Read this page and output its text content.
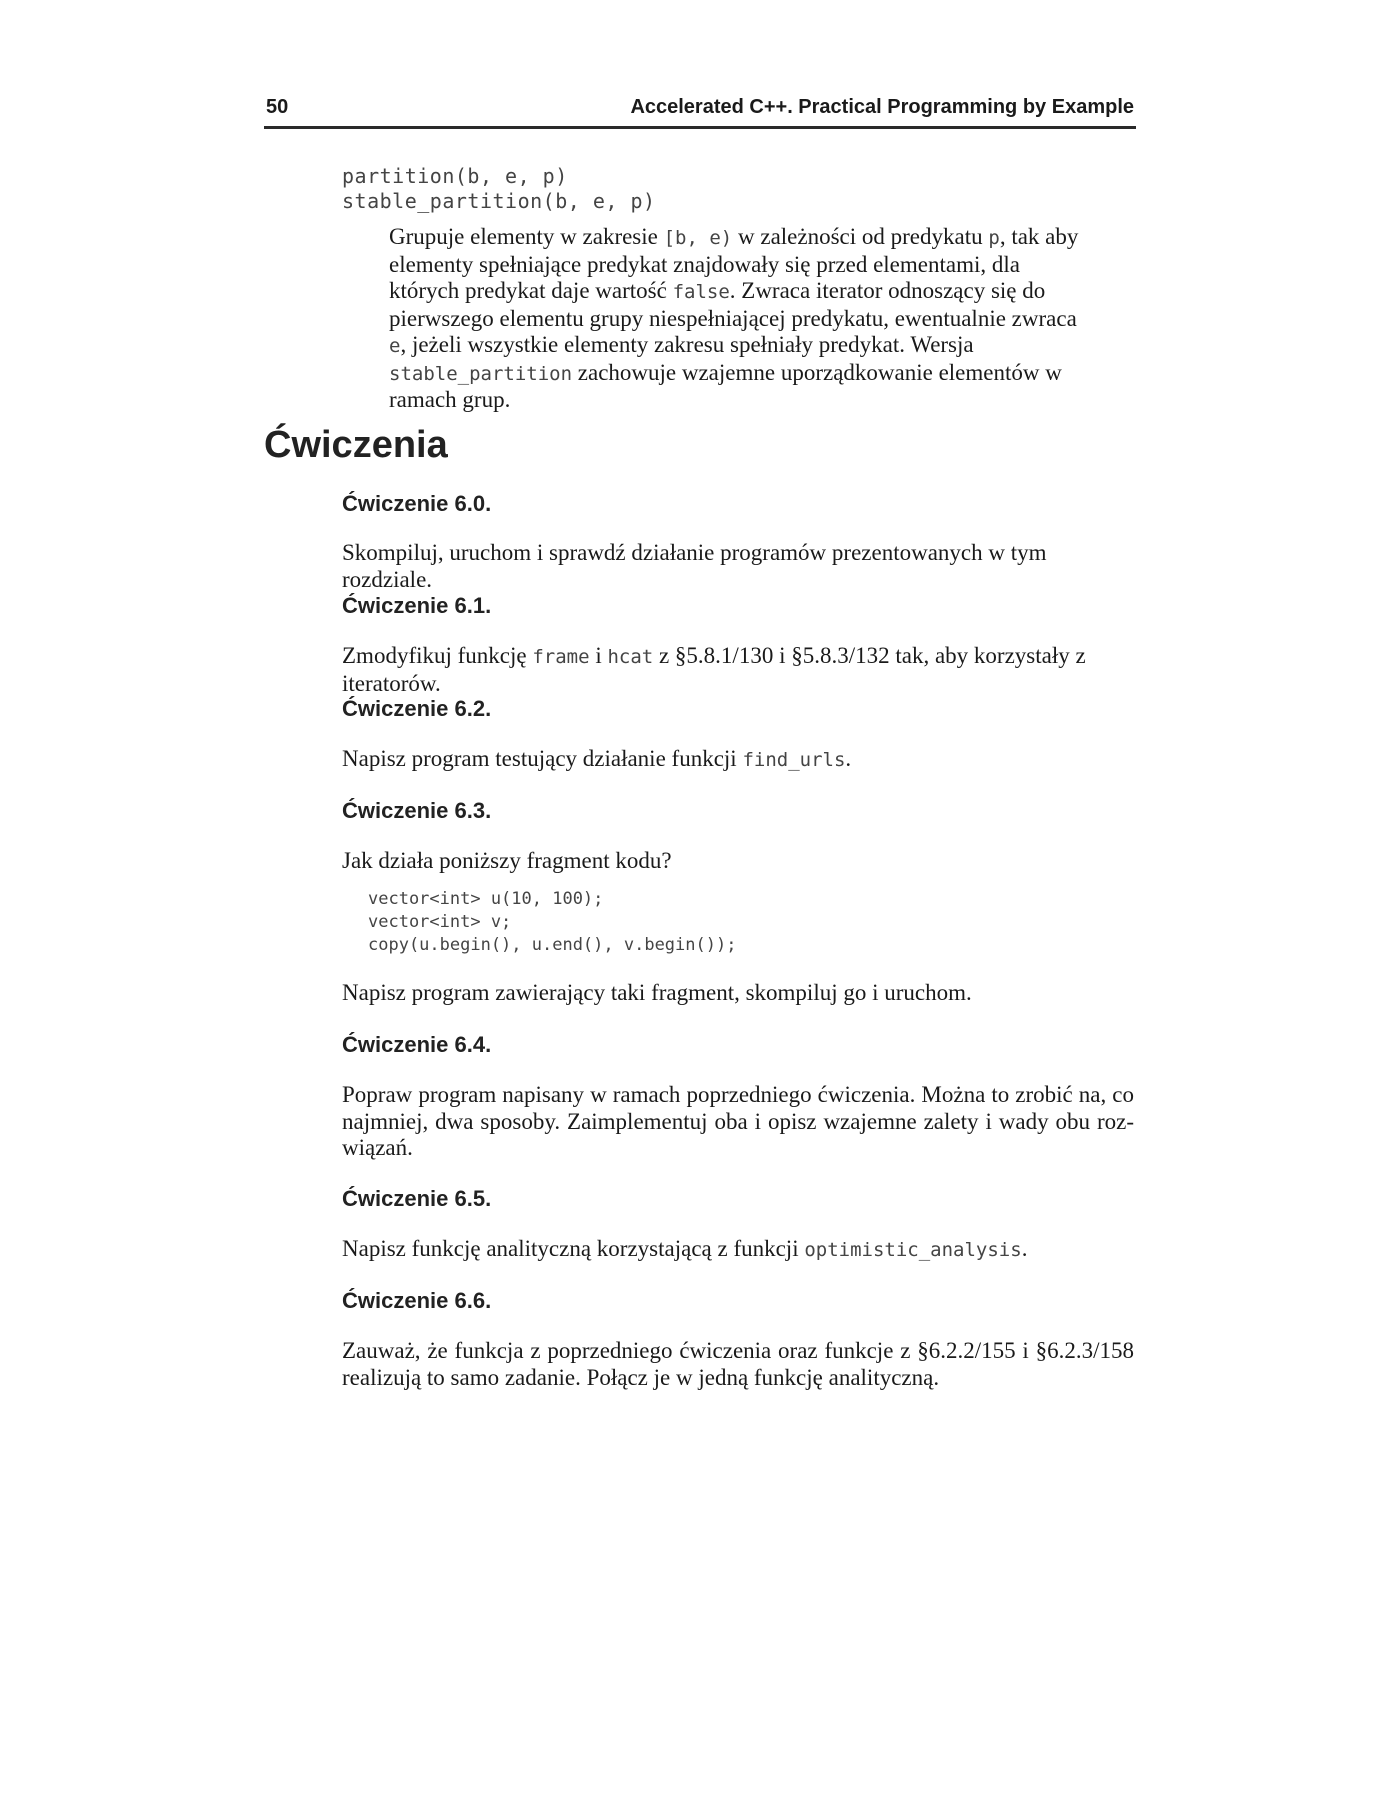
50	Accelerated C++. Practical Programming by Example
partition(b, e, p)
stable_partition(b, e, p)
Grupuje elementy w zakresie [b, e) w zależności od predykatu p, tak aby elementy spełniające predykat znajdowały się przed elementami, dla których predykat daje wartość false. Zwraca iterator odnoszący się do pierwszego elementu grupy niespełniającej predykatu, ewentualnie zwraca e, jeżeli wszystkie elementy zakresu spełniały predykat. Wersja stable_partition zachowuje wzajemne uporządkowanie elementów w ramach grup.
Ćwiczenia
Ćwiczenie 6.0.
Skompiluj, uruchom i sprawdź działanie programów prezentowanych w tym rozdziale.
Ćwiczenie 6.1.
Zmodyfikuj funkcję frame i hcat z §5.8.1/130 i §5.8.3/132 tak, aby korzystały z iteratorów.
Ćwiczenie 6.2.
Napisz program testujący działanie funkcji find_urls.
Ćwiczenie 6.3.
Jak działa poniższy fragment kodu?
vector<int> u(10, 100);
vector<int> v;
copy(u.begin(), u.end(), v.begin());
Napisz program zawierający taki fragment, skompiluj go i uruchom.
Ćwiczenie 6.4.
Popraw program napisany w ramach poprzedniego ćwiczenia. Można to zrobić na, co najmniej, dwa sposoby. Zaimplementuj oba i opisz wzajemne zalety i wady obu roz-wiązań.
Ćwiczenie 6.5.
Napisz funkcję analityczną korzystającą z funkcji optimistic_analysis.
Ćwiczenie 6.6.
Zauważ, że funkcja z poprzedniego ćwiczenia oraz funkcje z §6.2.2/155 i §6.2.3/158 realizują to samo zadanie. Połącz je w jedną funkcję analityczną.
